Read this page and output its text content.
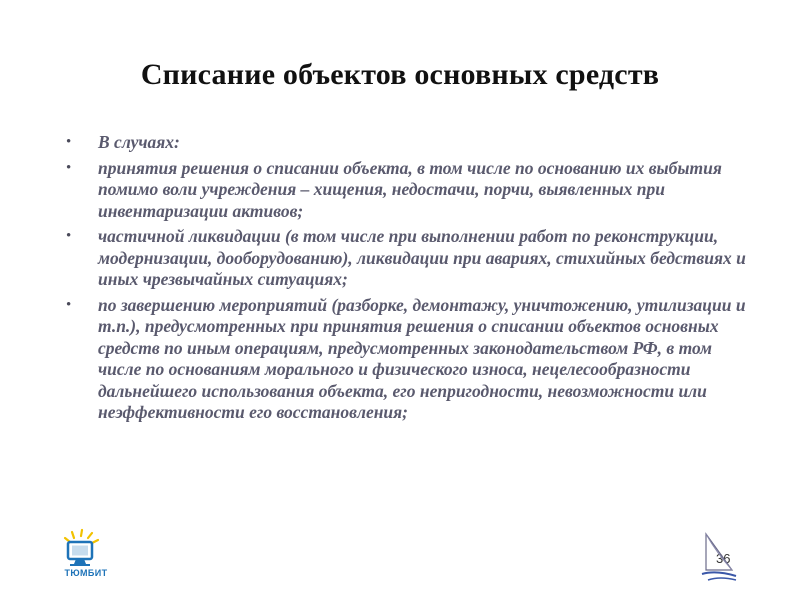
Списание объектов основных средств
•	В случаях:
•	принятия решения о списании объекта, в том числе по основанию их выбытия помимо воли учреждения – хищения, недостачи, порчи, выявленных при инвентаризации активов;
•	частичной ликвидации (в том числе при выполнении работ по реконструкции, модернизации, дооборудованию), ликвидации при авариях, стихийных бедствиях и иных чрезвычайных ситуациях;
•	по завершению мероприятий (разборке, демонтажу, уничтожению, утилизации и т.п.), предусмотренных при принятия решения о списании объектов основных средств по иным операциям, предусмотренных законодательством РФ, в том числе по основаниям морального и физического износа, нецелесообразности дальнейшего использования объекта, его непригодности, невозможности или неэффективности его восстановления;
ТЮМБИТ
36
